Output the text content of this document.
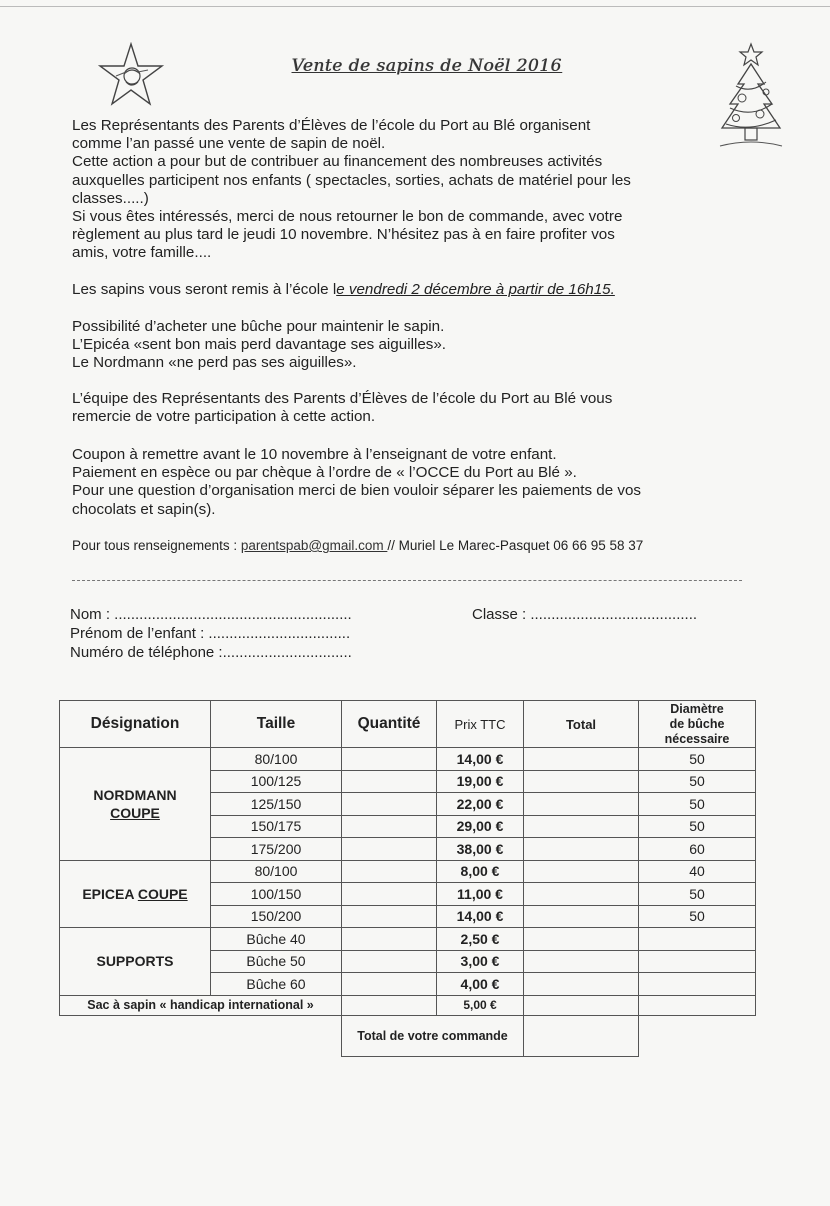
Vente de sapins de Noël 2016
Les Représentants des Parents d’Élèves de l’école du Port au Blé organisent
comme l’an passé une vente de sapin de noël.
Cette action a pour but de contribuer au financement des nombreuses activités
auxquelles participent nos enfants ( spectacles, sorties, achats de matériel pour les
classes.....)
Si vous êtes intéressés, merci de nous retourner le bon de commande, avec votre
règlement au plus tard le jeudi 10 novembre. N’hésitez pas à en faire profiter vos
amis, votre famille....
Les sapins vous seront remis à l’école le vendredi 2 décembre à partir de 16h15.
Possibilité d’acheter une bûche pour maintenir le sapin.
L’Epicéa «sent bon mais perd davantage ses aiguilles».
Le Nordmann «ne perd pas ses aiguilles».
L’équipe des Représentants des Parents d’Élèves de l’école du Port au Blé vous
remercie de votre participation à cette action.
Coupon à remettre avant le 10 novembre à l’enseignant de votre enfant.
Paiement en espèce ou par chèque à l’ordre de « l’OCCE du Port au Blé ».
Pour une question d’organisation merci de bien vouloir séparer les paiements de vos
chocolats et sapin(s).
Pour tous renseignements : parentspab@gmail.com // Muriel Le Marec-Pasquet 06 66 95 58 37
Nom : .........................................................	Classe : ........................................
Prénom de l’enfant : ..................................
Numéro de téléphone :...............................
Désignation	Taille	Quantité	Prix TTC	Total	Diamètre
de bûche
nécessaire

NORDMANN
COUPE	80/100		14,00 €		50
	100/125		19,00 €		50
	125/150		22,00 €		50
	150/175		29,00 €		50
	175/200		38,00 €		60
EPICEA COUPE	80/100		8,00 €		40
	100/150		11,00 €		50
	150/200		14,00 €		50
SUPPORTS	Bûche 40		2,50 €		
	Bûche 50		3,00 €		
	Bûche 60		4,00 €		
Sac à sapin « handicap international »			5,00 €		
		Total de votre commande			
